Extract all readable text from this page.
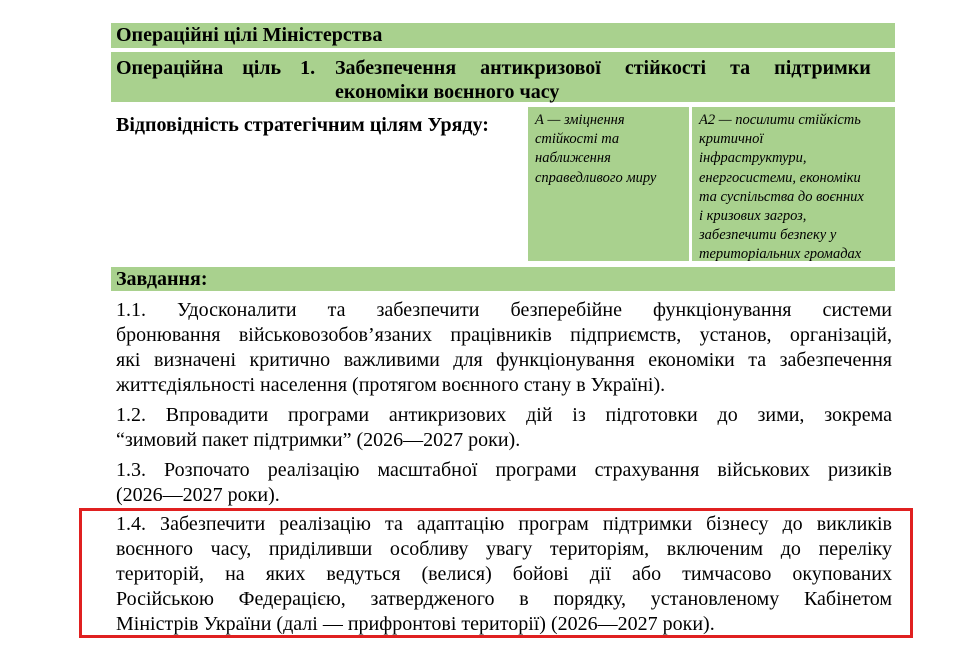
Операційні цілі Міністерства
Операційна ціль 1. Забезпечення антикризової стійкості та підтримки
економіки воєнного часу
Відповідність стратегічним цілям Уряду:	А — зміцнення
стійкості та
наближення
справедливого миру
А2 — посилити стійкість
критичної
інфраструктури,
енергосистеми, економіки
та суспільства до воєнних
і кризових загроз,
забезпечити безпеку у
територіальних громадах
Завдання:
1.1. Удосконалити та забезпечити безперебійне функціонування системи
бронювання військовозобов’язаних працівників підприємств, установ, організацій,
які визначені критично важливими для функціонування економіки та забезпечення
життєдіяльності населення (протягом воєнного стану в Україні).
1.2. Впровадити програми антикризових дій із підготовки до зими, зокрема
“зимовий пакет підтримки” (2026—2027 роки).
1.3. Розпочато реалізацію масштабної програми страхування військових ризиків
(2026—2027 роки).
1.4. Забезпечити реалізацію та адаптацію програм підтримки бізнесу до викликів
воєнного часу, приділивши особливу увагу територіям, включеним до переліку
територій, на яких ведуться (велися) бойові дії або тимчасово окупованих
Російською Федерацією, затвердженого в порядку, установленому Кабінетом
Міністрів України (далі — прифронтові території) (2026—2027 роки).
